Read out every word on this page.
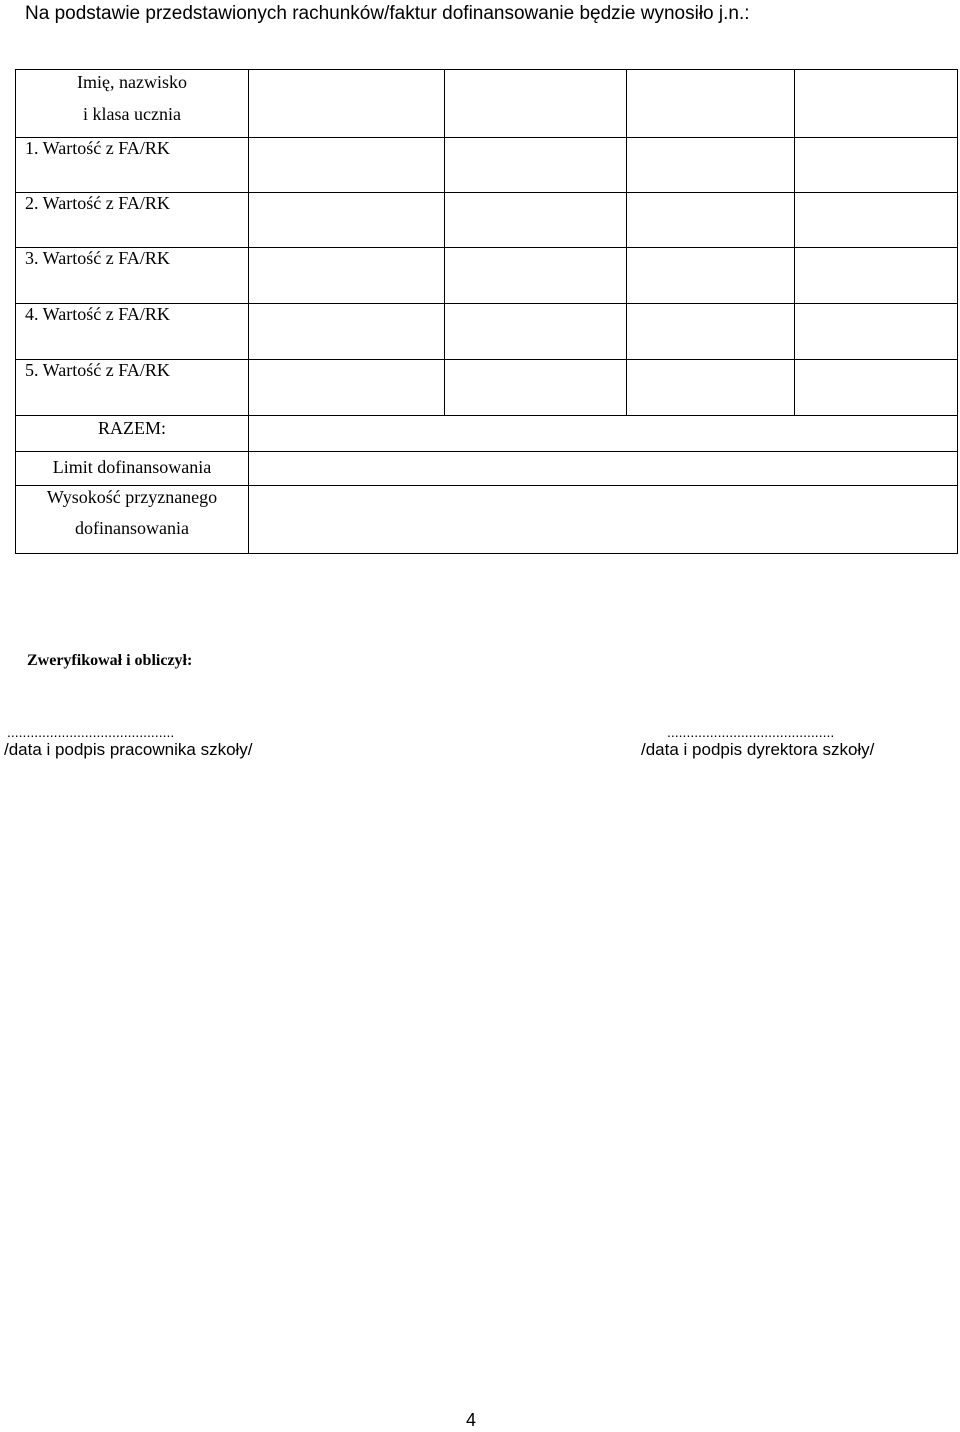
Na podstawie przedstawionych rachunków/faktur dofinansowanie będzie wynosiło j.n.:
Imię, nazwisko
i klasa ucznia				

1. Wartość z FA/RK				

2. Wartość z FA/RK				

3. Wartość z FA/RK				

4. Wartość z FA/RK				

5. Wartość z FA/RK				

RAZEM:				

Limit dofinansowania				

Wysokość przyznanego
dofinansowania				

Zweryfikował i obliczył:
...........................................
/data i podpis pracownika szkoły/
...........................................
/data i podpis dyrektora szkoły/
4
